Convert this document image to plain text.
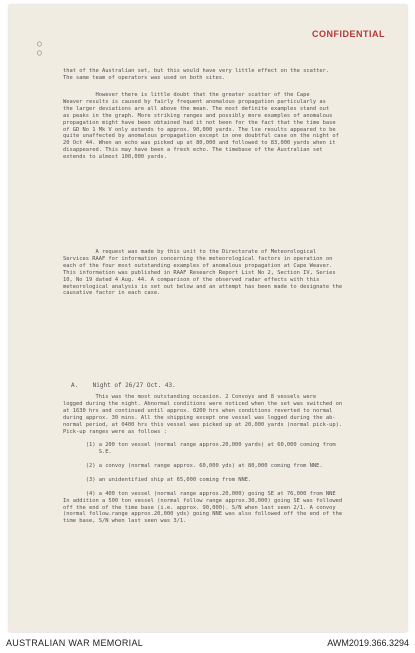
○
○
CONFIDENTIAL
that of the Australian set, but this would have very little effect on the scatter.
The same team of operators was used on both sites.
However there is little doubt that the greater scatter of the Cape
Weaver results is caused by fairly frequent anomalous propagation particularly as
the larger deviations are all above the mean. The most definite examples stand out
as peaks in the graph. More striking ranges and possibly more examples of anomalous
propagation might have been obtained had it not been for the fact that the time base
of GD No 1 Mk V only extends to approx. 90,000 yards. The lxe results appeared to be
quite unaffected by anomalous propagation except in one doubtful case on the night of
20 Oct 44. When an echo was picked up at 80,000 and followed to 83,000 yards when it
disappeared. This may have been a fresh echo. The timebase of the Australian set
extends to almost 100,000 yards.
A request was made by this unit to the Directorate of Meteorological
Services RAAF for information concerning the meteorological factors in operation on
each of the four most outstanding examples of anomalous propagation at Cape Weaver.
This information was published in RAAF Research Report List No 2, Section IV, Series
10, No 19 dated 4 Aug. 44. A comparison of the observed radar effects with this
meteorological analysis is set out below and an attempt has been made to designate the
causative factor in each case.
A.    Night of 26/27 Oct. 43.
This was the most outstanding occasion. 2 Convoys and 8 vessels were
logged during the night. Abnormal conditions were noticed when the set was switched on
at 1630 hrs and continued until approx. 0200 hrs when conditions reverted to normal
during approx. 30 mins. All the shipping except one vessel was logged during the ab-
normal period, at 0400 hrs this vessel was picked up at 20,000 yards (normal pick-up).
Pick-up ranges were as follows :

(1) a 200 ton vessel (normal range approx.20,000 yards) at 60,000 coming from
S.E.

(2) a convoy (normal range approx. 60,000 yds) at 80,000 coming from NNE.

(3) an unidentified ship at 65,000 coming from NNE.

(4) a 400 ton vessel (normal range approx.20,000) going SE at 76,000 from NNE
In addition a 500 ton vessel (normal follow range approx.30,000) going SE was followed
off the end of the time base (i.e. approx. 90,000). S/N when last seen 2/1. A convoy
(normal follow.range approx.20,000 yds) going NNE was also followed off the end of the
time base, S/N when last seen was 3/1.
AUSTRALIAN WAR MEMORIAL	AWM2019.366.3294
